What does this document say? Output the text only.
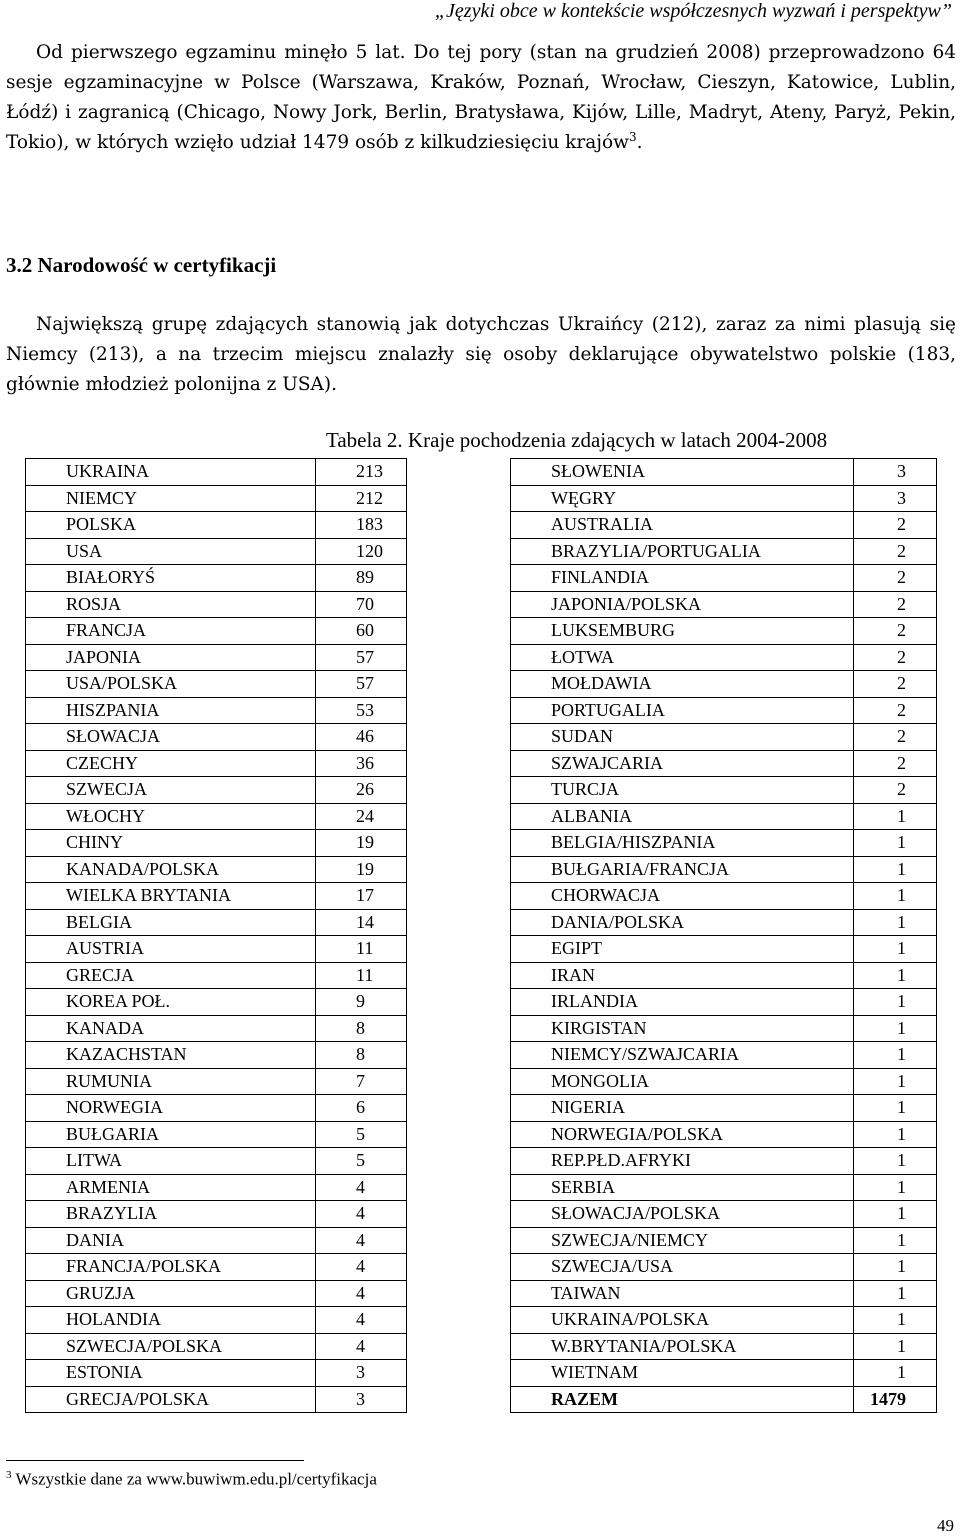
„Języki obce w kontekście współczesnych wyzwań i perspektyw”
Od pierwszego egzaminu minęło 5 lat. Do tej pory (stan na grudzień 2008) przeprowadzono 64 sesje egzaminacyjne w Polsce (Warszawa, Kraków, Poznań, Wrocław, Cieszyn, Katowice, Lublin, Łódź) i zagranicą (Chicago, Nowy Jork, Berlin, Bratysława, Kijów, Lille, Madryt, Ateny, Paryż, Pekin, Tokio), w których wzięło udział 1479 osób z kilkudziesięciu krajów$^3$.
3.2 Narodowość w certyfikacji
Największą grupę zdających stanowią jak dotychczas Ukraińcy (212), zaraz za nimi plasują się Niemcy (213), a na trzecim miejscu znalazły się osoby deklarujące obywatelstwo polskie (183, głównie młodzież polonijna z USA).
Tabela 2. Kraje pochodzenia zdających w latach 2004-2008
UKRAINA	213
NIEMCY	212
POLSKA	183
USA	120
BIAŁORYŚ	89
ROSJA	70
FRANCJA	60
JAPONIA	57
USA/POLSKA	57
HISZPANIA	53
SŁOWACJA	46
CZECHY	36
SZWECJA	26
WŁOCHY	24
CHINY	19
KANADA/POLSKA	19
WIELKA BRYTANIA	17
BELGIA	14
AUSTRIA	11
GRECJA	11
KOREA POŁ.	9
KANADA	8
KAZACHSTAN	8
RUMUNIA	7
NORWEGIA	6
BUŁGARIA	5
LITWA	5
ARMENIA	4
BRAZYLIA	4
DANIA	4
FRANCJA/POLSKA	4
GRUZJA	4
HOLANDIA	4
SZWECJA/POLSKA	4
ESTONIA	3
GRECJA/POLSKA	3
SŁOWENIA	3
WĘGRY	3
AUSTRALIA	2
BRAZYLIA/PORTUGALIA	2
FINLANDIA	2
JAPONIA/POLSKA	2
LUKSEMBURG	2
ŁOTWA	2
MOŁDAWIA	2
PORTUGALIA	2
SUDAN	2
SZWAJCARIA	2
TURCJA	2
ALBANIA	1
BELGIA/HISZPANIA	1
BUŁGARIA/FRANCJA	1
CHORWACJA	1
DANIA/POLSKA	1
EGIPT	1
IRAN	1
IRLANDIA	1
KIRGISTAN	1
NIEMCY/SZWAJCARIA	1
MONGOLIA	1
NIGERIA	1
NORWEGIA/POLSKA	1
REP.PŁD.AFRYKI	1
SERBIA	1
SŁOWACJA/POLSKA	1
SZWECJA/NIEMCY	1
SZWECJA/USA	1
TAIWAN	1
UKRAINA/POLSKA	1
W.BRYTANIA/POLSKA	1
WIETNAM	1
RAZEM	1479
$^3$ Wszystkie dane za www.buwiwm.edu.pl/certyfikacja
49
